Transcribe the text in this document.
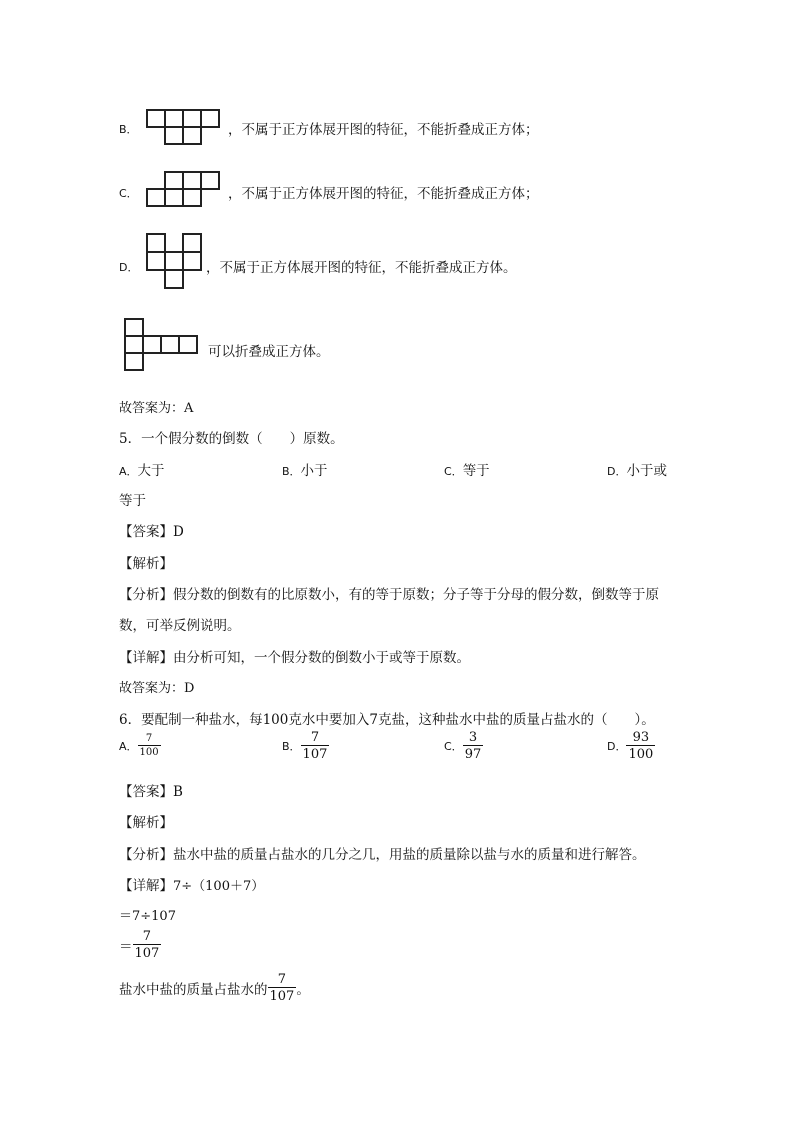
B．	，不属于正方体展开图的特征，不能折叠成正方体；
C．	，不属于正方体展开图的特征，不能折叠成正方体；
D．	，不属于正方体展开图的特征，不能折叠成正方体。
可以折叠成正方体。
故答案为：A
5．一个假分数的倒数（　　）原数。
A．大于	B．小于	C．等于	D．小于或
等于
【答案】D
【解析】
【分析】假分数的倒数有的比原数小，有的等于原数；分子等于分母的假分数，倒数等于原
数，可举反例说明。
【详解】由分析可知，一个假分数的倒数小于或等于原数。
故答案为：D
6．要配制一种盐水，每100克水中要加入7克盐，这种盐水中盐的质量占盐水的（　　）。
A． $\frac{7}{100}$	B． $\frac{7}{107}$	C． $\frac{3}{97}$	D． $\frac{93}{100}$
【答案】B
【解析】
【分析】盐水中盐的质量占盐水的几分之几，用盐的质量除以盐与水的质量和进行解答。
【详解】7÷（100＋7）
＝7÷107
＝ $\frac{7}{107}$
盐水中盐的质量占盐水的 $\frac{7}{107}$ 。
